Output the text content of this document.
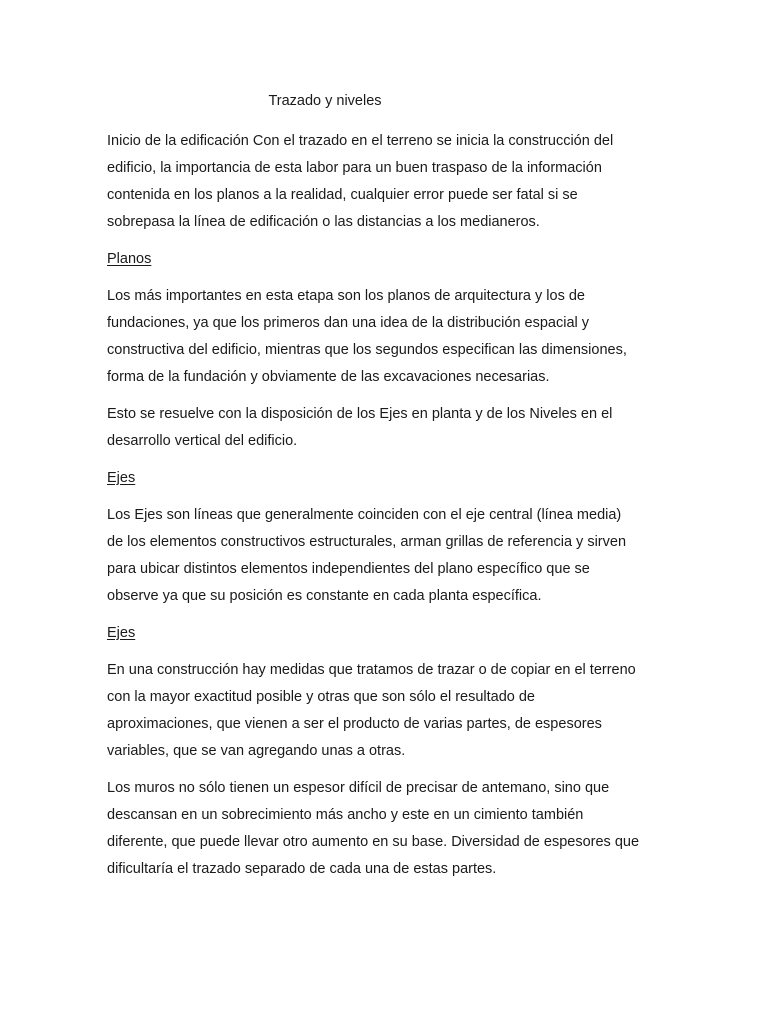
Trazado y niveles

Inicio de la edificación Con el trazado en el terreno se inicia la construcción del
edificio, la importancia de esta labor para un buen traspaso de la información
contenida en los planos a la realidad, cualquier error puede ser fatal si se
sobrepasa la línea de edificación o las distancias a los medianeros.

Planos

Los más importantes en esta etapa son los planos de arquitectura y los de
fundaciones, ya que los primeros dan una idea de la distribución espacial y
constructiva del edificio, mientras que los segundos especifican las dimensiones,
forma de la fundación y obviamente de las excavaciones necesarias.

Esto se resuelve con la disposición de los Ejes en planta y de los Niveles en el
desarrollo vertical del edificio.

Ejes

Los Ejes son líneas que generalmente coinciden con el eje central (línea media)
de los elementos constructivos estructurales, arman grillas de referencia y sirven
para ubicar distintos elementos independientes del plano específico que se
observe ya que su posición es constante en cada planta específica.

Ejes

En una construcción hay medidas que tratamos de trazar o de copiar en el terreno
con la mayor exactitud posible y otras que son sólo el resultado de
aproximaciones, que vienen a ser el producto de varias partes, de espesores
variables, que se van agregando unas a otras.

Los muros no sólo tienen un espesor difícil de precisar de antemano, sino que
descansan en un sobrecimiento más ancho y este en un cimiento también
diferente, que puede llevar otro aumento en su base. Diversidad de espesores que
dificultaría el trazado separado de cada una de estas partes.
